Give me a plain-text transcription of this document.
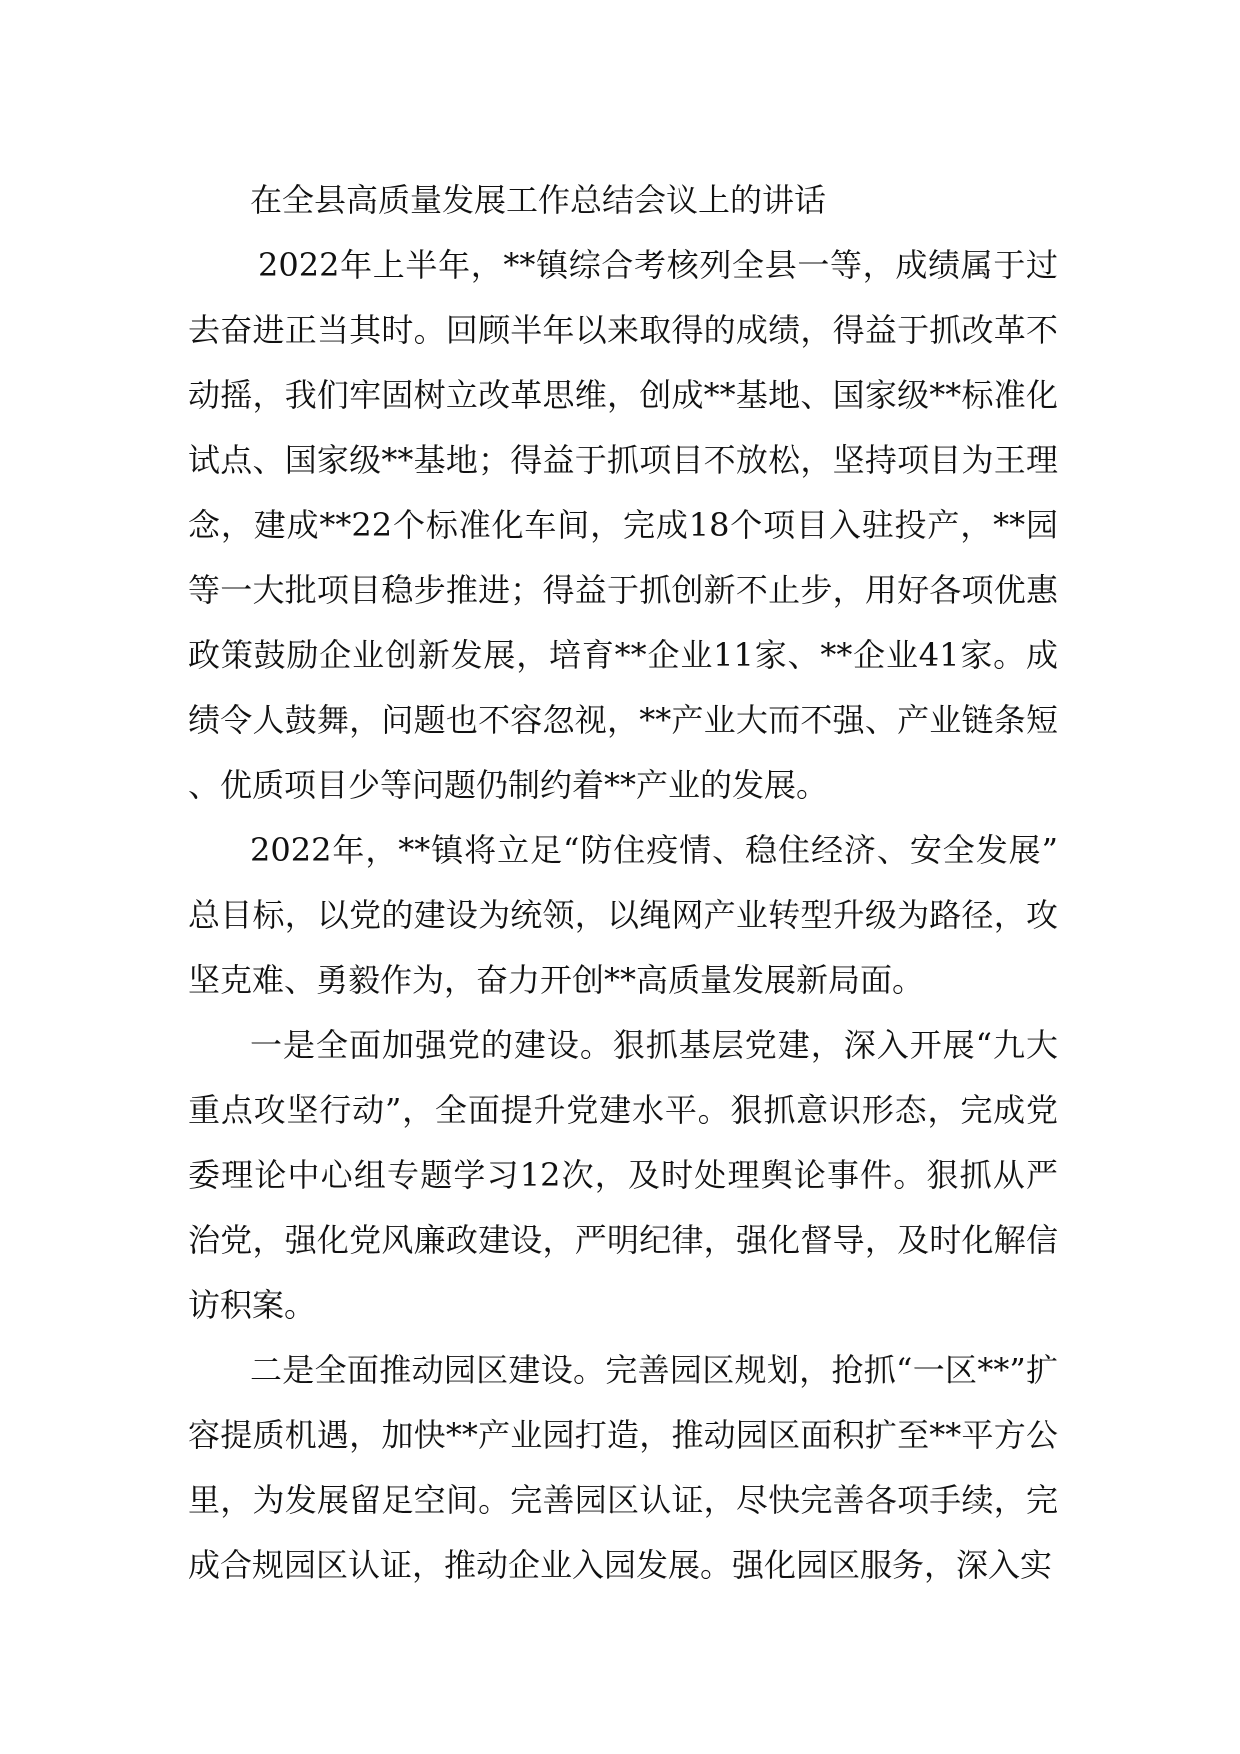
在全县高质量发展工作总结会议上的讲话

2022年上半年，**镇综合考核列全县一等，成绩属于过去奋进正当其时。回顾半年以来取得的成绩，得益于抓改革不动摇，我们牢固树立改革思维，创成**基地、国家级**标准化试点、国家级**基地；得益于抓项目不放松，坚持项目为王理念，建成**22个标准化车间，完成18个项目入驻投产，**园等一大批项目稳步推进；得益于抓创新不止步，用好各项优惠政策鼓励企业创新发展，培育**企业11家、**企业41家。成绩令人鼓舞，问题也不容忽视，**产业大而不强、产业链条短、优质项目少等问题仍制约着**产业的发展。

2022年，**镇将立足“防住疫情、稳住经济、安全发展”总目标，以党的建设为统领，以绳网产业转型升级为路径，攻坚克难、勇毅作为，奋力开创**高质量发展新局面。

一是全面加强党的建设。狠抓基层党建，深入开展“九大重点攻坚行动”，全面提升党建水平。狠抓意识形态，完成党委理论中心组专题学习12次，及时处理舆论事件。狠抓从严治党，强化党风廉政建设，严明纪律，强化督导，及时化解信访积案。

二是全面推动园区建设。完善园区规划，抢抓“一区**”扩容提质机遇，加快**产业园打造，推动园区面积扩至**平方公里，为发展留足空间。完善园区认证，尽快完善各项手续，完成合规园区认证，推动企业入园发展。强化园区服务，深入实
